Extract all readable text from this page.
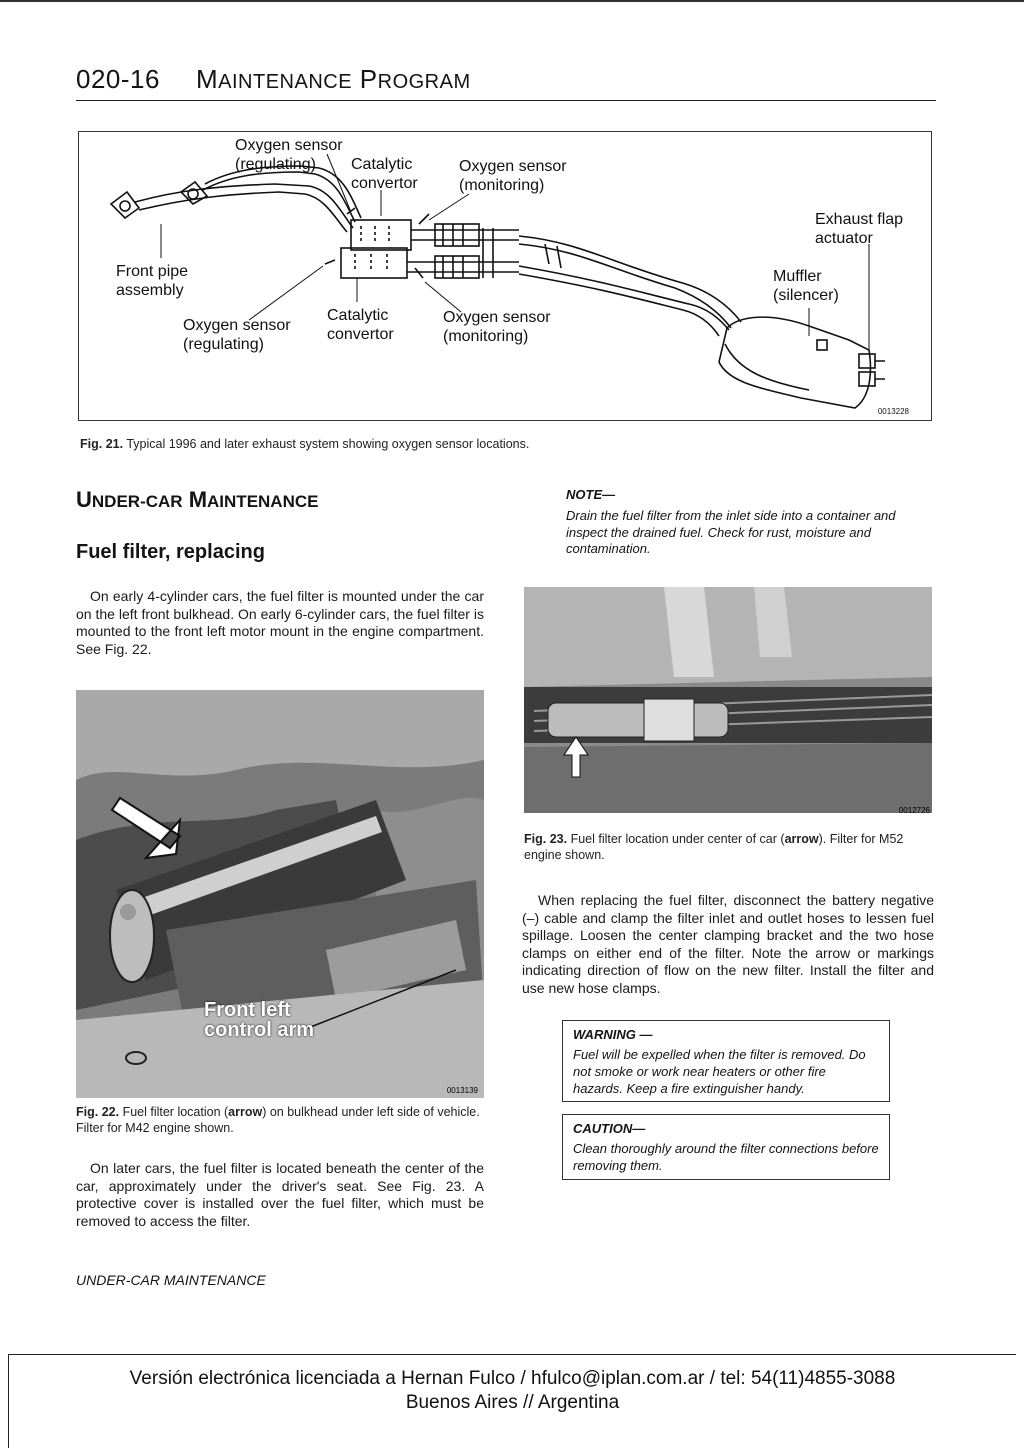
020-16 MAINTENANCE PROGRAM
Oxygen sensor
(regulating)	Catalytic
convertor
Oxygen sensor
(monitoring)
Exhaust flap
actuator
Front pipe
assembly
Muffler
(silencer)
Oxygen sensor
(regulating)
Catalytic
convertor
Oxygen sensor
(monitoring)
0013228
Fig. 21. Typical 1996 and later exhaust system showing oxygen sensor locations.
UNDER-CAR MAINTENANCE
Fuel filter, replacing
On early 4-cylinder cars, the fuel filter is mounted under the car on the left front bulkhead. On early 6-cylinder cars, the fuel filter is mounted to the front left motor mount in the engine compartment. See Fig. 22.
Front left
control arm
0013139
Fig. 22. Fuel filter location (arrow) on bulkhead under left side of vehicle. Filter for M42 engine shown.
On later cars, the fuel filter is located beneath the center of the car, approximately under the driver's seat. See Fig. 23. A protective cover is installed over the fuel filter, which must be removed to access the filter.
NOTE—
Drain the fuel filter from the inlet side into a container and inspect the drained fuel. Check for rust, moisture and contamination.
0012726
Fig. 23. Fuel filter location under center of car (arrow). Filter for M52 engine shown.
When replacing the fuel filter, disconnect the battery negative (–) cable and clamp the filter inlet and outlet hoses to lessen fuel spillage. Loosen the center clamping bracket and the two hose clamps on either end of the filter. Note the arrow or markings indicating direction of flow on the new filter. Install the filter and use new hose clamps.
WARNING —
Fuel will be expelled when the filter is removed. Do not smoke or work near heaters or other fire hazards. Keep a fire extinguisher handy.
CAUTION—
Clean thoroughly around the filter connections before removing them.
UNDER-CAR MAINTENANCE
Versión electrónica licenciada a Hernan Fulco / hfulco@iplan.com.ar / tel: 54(11)4855-3088
Buenos Aires // Argentina
